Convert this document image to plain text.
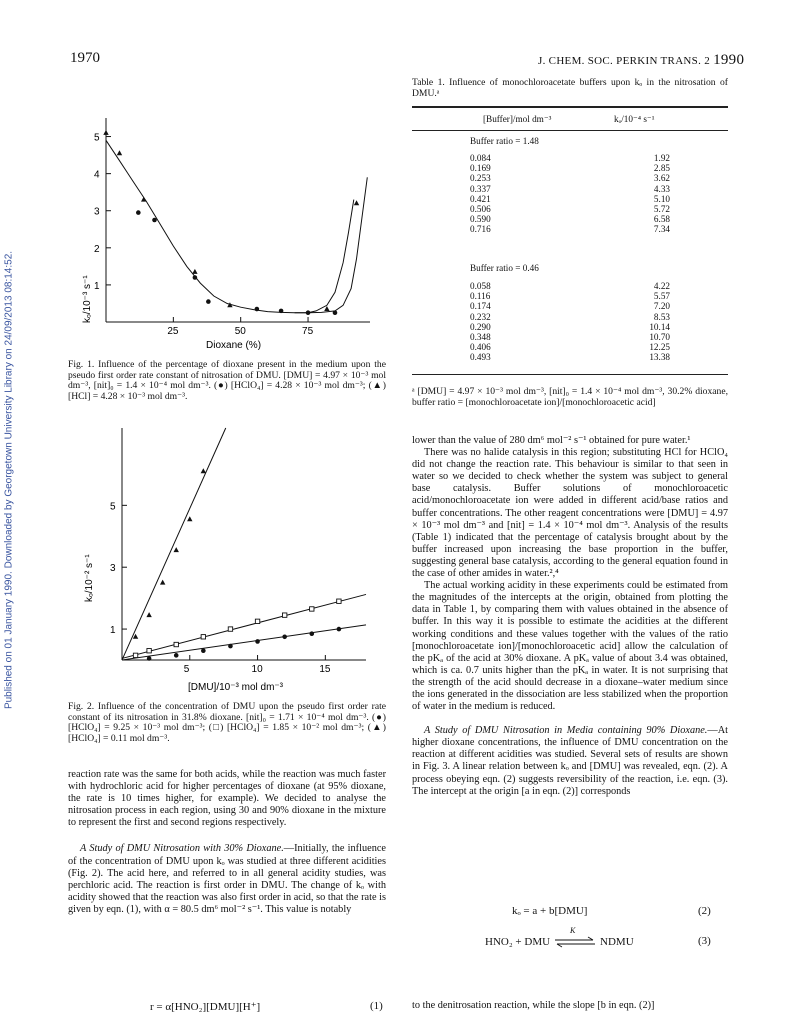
Published on 01 January 1990. Downloaded by Georgetown University Library on 24/09/2013 08:14:52.
1970	J. CHEM. SOC. PERKIN TRANS. 2 1990
25	50	75
1
2
3
4
5
kₒ/10⁻³ s⁻¹
Dioxane (%)
Fig. 1. Influence of the percentage of dioxane present in the medium upon the pseudo first order rate constant of nitrosation of DMU. [DMU] = 4.97 × 10⁻³ mol dm⁻³, [nit]₀ = 1.4 × 10⁻⁴ mol dm⁻³. (●) [HClO₄] = 4.28 × 10⁻³ mol dm⁻³; (▲) [HCl] = 4.28 × 10⁻³ mol dm⁻³.
5	10	15
1
3
5
kₒ/10⁻² s⁻¹
[DMU]/10⁻³ mol dm⁻³
Fig. 2. Influence of the concentration of DMU upon the pseudo first order rate constant of its nitrosation in 31.8% dioxane. [nit]₀ = 1.71 × 10⁻⁴ mol dm⁻³. (●) [HClO₄] = 9.25 × 10⁻³ mol dm⁻³; (□) [HClO₄] = 1.85 × 10⁻² mol dm⁻³; (▲) [HClO₄] = 0.11 mol dm⁻³.

reaction rate was the same for both acids, while the reaction was much faster with hydrochloric acid for higher percentages of dioxane (at 95% dioxane, the rate is 10 times higher, for example). We decided to analyse the nitrosation process in each region, using 30 and 90% dioxane in the mixture to represent the first and second regions respectively.

A Study of DMU Nitrosation with 30% Dioxane.—Initially, the influence of the concentration of DMU upon kₒ was studied at three different acidities (Fig. 2). The acid here, and referred to in all general acidity studies, was perchloric acid. The reaction is first order in DMU. The change of kₒ with acidity showed that the reaction was also first order in acid, so that the rate is given by eqn. (1), with α = 80.5 dm⁶ mol⁻² s⁻¹. This value is notably

r = α[HNO₂][DMU][H⁺]	(1)
Table 1. Influence of monochloroacetate buffers upon kₒ in the nitrosation of DMU.ᵃ
[Buffer]/mol dm⁻³	kₒ/10⁻⁴ s⁻¹
Buffer ratio = 1.48
0.084	1.92
0.169	2.85
0.253	3.62
0.337	4.33
0.421	5.10
0.506	5.72
0.590	6.58
0.716	7.34
Buffer ratio = 0.46
0.058	4.22
0.116	5.57
0.174	7.20
0.232	8.53
0.290	10.14
0.348	10.70
0.406	12.25
0.493	13.38
ᵃ [DMU] = 4.97 × 10⁻³ mol dm⁻³, [nit]₀ = 1.4 × 10⁻⁴ mol dm⁻³, 30.2% dioxane, buffer ratio = [monochloroacetate ion]/[monochloroacetic acid]

lower than the value of 280 dm⁶ mol⁻² s⁻¹ obtained for pure water.¹

There was no halide catalysis in this region; substituting HCl for HClO₄ did not change the reaction rate. This behaviour is similar to that seen in water so we decided to check whether the system was subject to general base catalysis. Buffer solutions of monochloroacetic acid/monochloroacetate ion were added in different acid/base ratios and buffer concentrations. The other reagent concentrations were [DMU] = 4.97 × 10⁻³ mol dm⁻³ and [nit] = 1.4 × 10⁻⁴ mol dm⁻³. Analysis of the results (Table 1) indicated that the percentage of catalysis brought about by the buffer increased upon increasing the base proportion in the buffer, suggesting general base catalysis, according to the general equation found in the case of other amides in water.²,⁴

The actual working acidity in these experiments could be estimated from the magnitudes of the intercepts at the origin, obtained from plotting the data in Table 1, by comparing them with values obtained in the absence of buffer. In this way it is possible to estimate the acidities at the different working conditions and these values together with the values of the ratio [monochloroacetate ion]/[monochloroacetic acid] allow the calculation of the pKₐ of the acid at 30% dioxane. A pKₐ value of about 3.4 was obtained, which is ca. 0.7 units higher than the pKₐ in water. It is not surprising that the strength of the acid should decrease in a dioxane–water medium since the ions generated in the dissociation are less stabilized when the proportion of water in the medium is reduced.

A Study of DMU Nitrosation in Media containing 90% Dioxane.—At higher dioxane concentrations, the influence of DMU concentration on the reaction at different acidities was studied. Several sets of results are shown in Fig. 3. A linear relation between kₒ and [DMU] was revealed, eqn. (2). A process obeying eqn. (2) suggests reversibility of the reaction, i.e. eqn. (3). The intercept at the origin [a in eqn. (2)] corresponds

kₒ = a + b[DMU]	(2)
HNO₂ + DMU
K
NDMU	(3)
to the denitrosation reaction, while the slope [b in eqn. (2)]
